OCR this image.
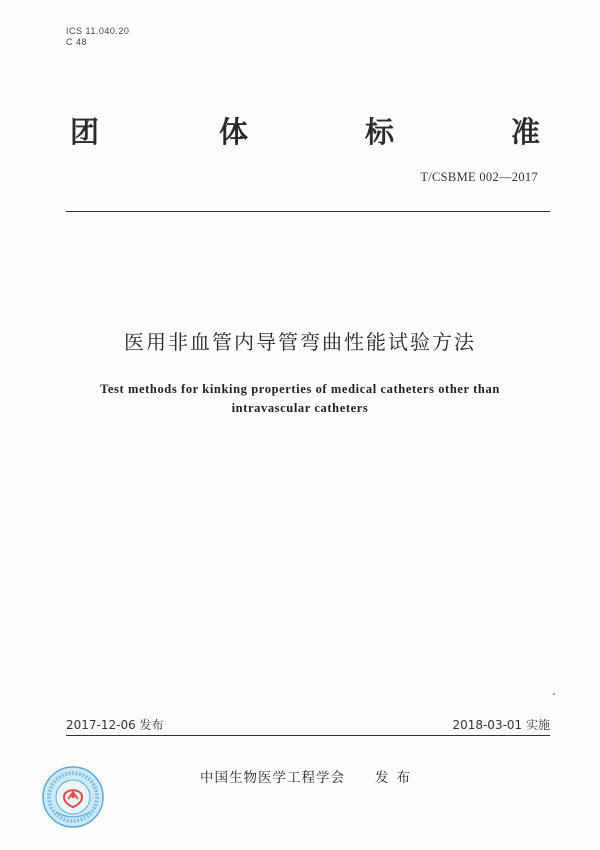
ICS 11.040.20
C 48
团	体	标	准
T/CSBME 002—2017
医用非血管内导管弯曲性能试验方法
Test methods for kinking properties of medical catheters other than
intravascular catheters
2017-12-06 发布	2018-03-01 实施
中国生物医学工程学会 发布
